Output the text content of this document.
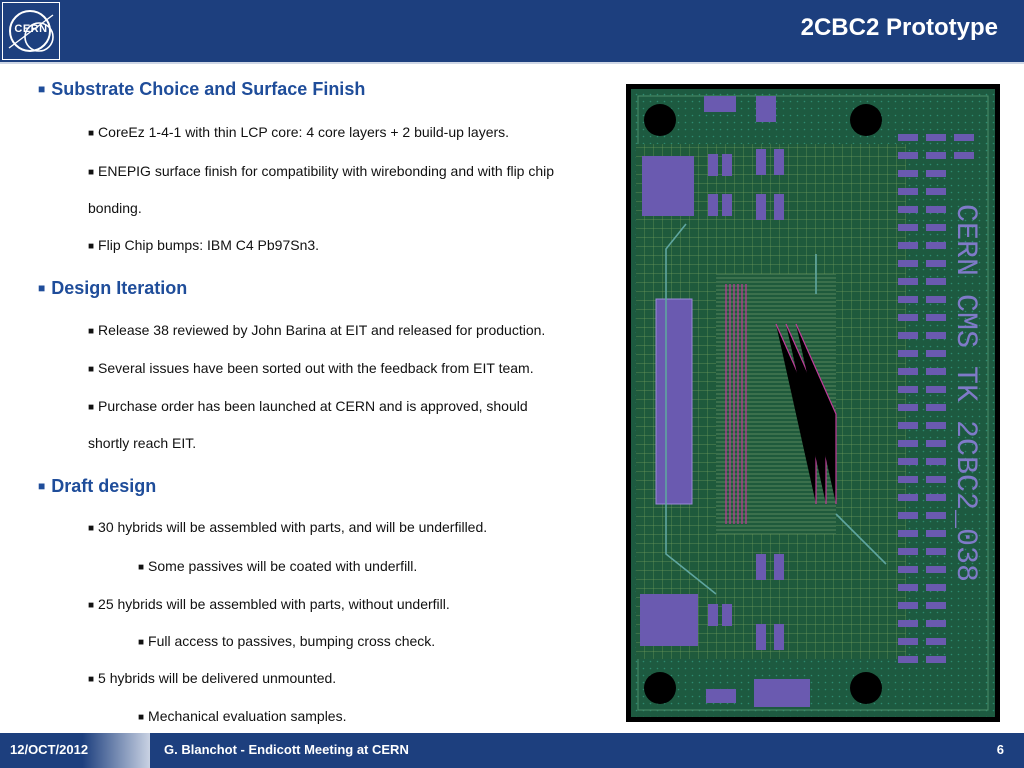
CERN	2CBC2 Prototype
■ Substrate Choice and Surface Finish
■ CoreEz 1-4-1 with thin LCP core: 4 core layers + 2 build-up layers.
■ ENEPIG surface finish for compatibility with wirebonding and with flip chip
bonding.
■ Flip Chip bumps: IBM C4 Pb97Sn3.
■ Design Iteration
■ Release 38 reviewed by John Barina at EIT and released for production.
■ Several issues have been sorted out with the feedback from EIT team.
■ Purchase order has been launched at CERN and is approved, should
shortly reach EIT.
■ Draft design
■ 30 hybrids will be assembled with parts, and will be underfilled.
■ Some passives will be coated with underfill.
■ 25 hybrids will be assembled with parts, without underfill.
■ Full access to passives, bumping cross check.
■ 5 hybrids will be delivered unmounted.
■ Mechanical evaluation samples.
CERN CMS TK 2CBC2_038
12/OCT/2012	G. Blanchot - Endicott Meeting at CERN	6
